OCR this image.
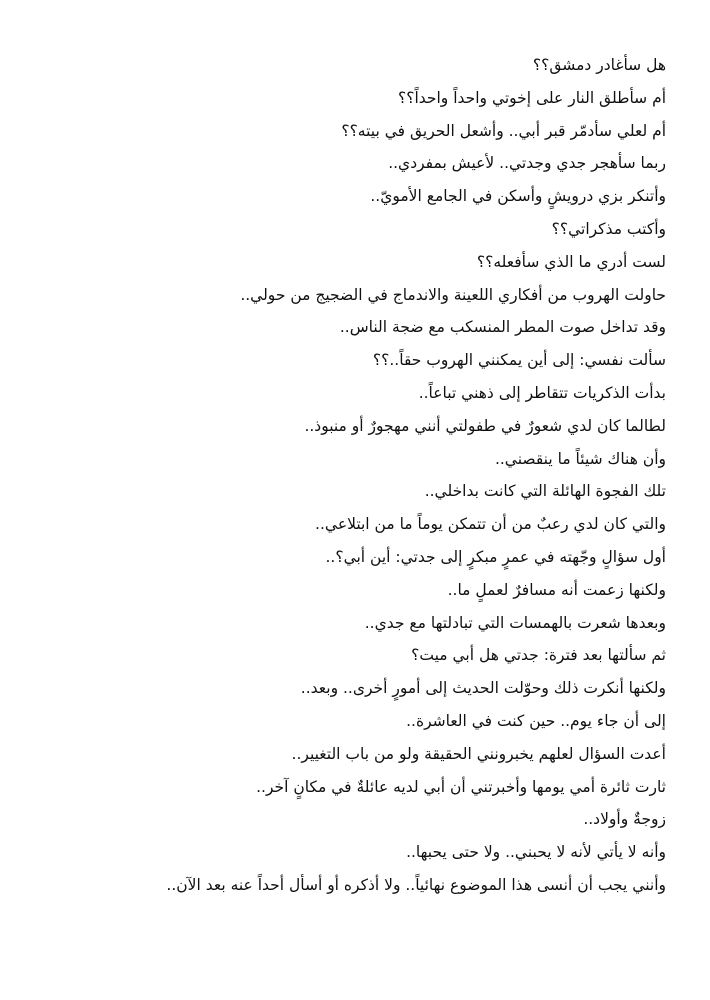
هل سأغادر دمشق؟؟
أم سأطلق النار على إخوتي واحداً واحداً؟؟
أم لعلي سأدمّر قبر أبي.. وأشعل الحريق في بيته؟؟
ربما سأهجر جدي وجدتي.. لأعيش بمفردي..
وأتنكر بزي درويشٍ وأسكن في الجامع الأمويّ..
وأكتب مذكراتي؟؟
لست أدري ما الذي سأفعله؟؟
حاولت الهروب من أفكاري اللعينة والاندماج في الضجيج من حولي..
وقد تداخل صوت المطر المنسكب مع ضجة الناس..
سألت نفسي: إلى أين يمكنني الهروب حقاً..؟؟
بدأت الذكريات تتقاطر إلى ذهني تباعاً..
لطالما كان لدي شعورٌ في طفولتي أنني مهجورٌ أو منبوذ..
وأن هناك شيئاً ما ينقصني..
تلك الفجوة الهائلة التي كانت بداخلي..
والتي كان لدي رعبٌ من أن تتمكن يوماً ما من ابتلاعي..
أول سؤالٍ وجّهته في عمرٍ مبكرٍ إلى جدتي: أين أبي؟..
ولكنها زعمت أنه مسافرٌ لعملٍ ما..
وبعدها شعرت بالهمسات التي تبادلتها مع جدي..
ثم سألتها بعد فترة: جدتي هل أبي ميت؟
ولكنها أنكرت ذلك وحوّلت الحديث إلى أمورٍ أخرى.. وبعد..
إلى أن جاء يوم.. حين كنت في العاشرة..
أعدت السؤال لعلهم يخبرونني الحقيقة ولو من باب التغيير..
ثارت ثائرة أمي يومها وأخبرتني أن أبي لديه عائلةٌ في مكانٍ آخر..
زوجةٌ وأولاد..
وأنه لا يأتي لأنه لا يحبني.. ولا حتى يحبها..
وأنني يجب أن أنسى هذا الموضوع نهائياً.. ولا أذكره أو أسأل أحداً عنه بعد الآن..
